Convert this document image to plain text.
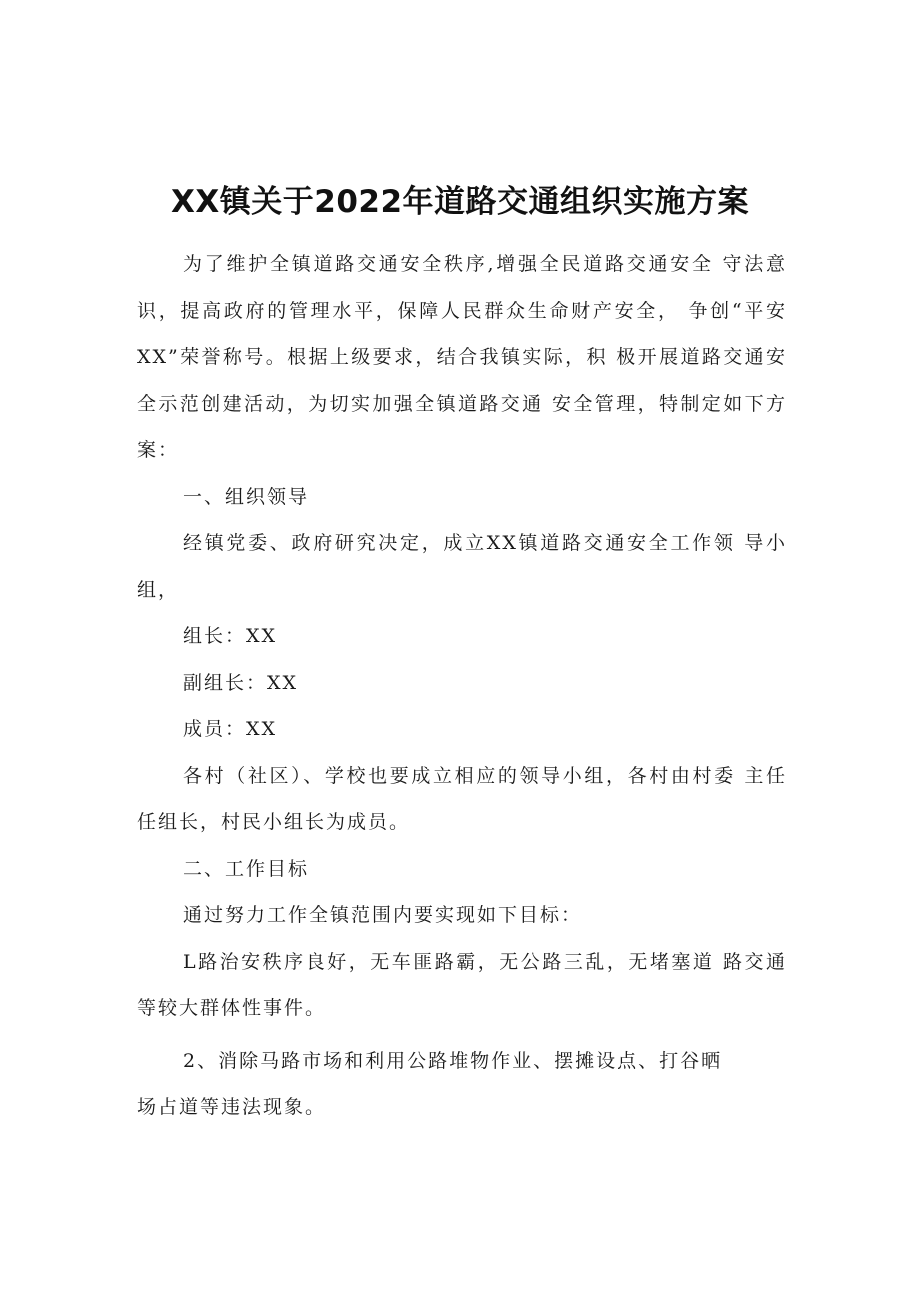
XX镇关于2022年道路交通组织实施方案

为了维护全镇道路交通安全秩序,增强全民道路交通安全 守法意识，提高政府的管理水平，保障人民群众生命财产安全， 争创“平安XX”荣誉称号。根据上级要求，结合我镇实际，积 极开展道路交通安全示范创建活动，为切实加强全镇道路交通 安全管理，特制定如下方案：

一、组织领导

经镇党委、政府研究决定，成立XX镇道路交通安全工作领 导小组，

组长：XX

副组长：XX

成员：XX

各村（社区）、学校也要成立相应的领导小组，各村由村委 主任任组长，村民小组长为成员。

二、工作目标

通过努力工作全镇范围内要实现如下目标：

L路治安秩序良好，无车匪路霸，无公路三乱，无堵塞道 路交通等较大群体性事件。

2、消除马路市场和利用公路堆物作业、摆摊设点、打谷晒

场占道等违法现象。
